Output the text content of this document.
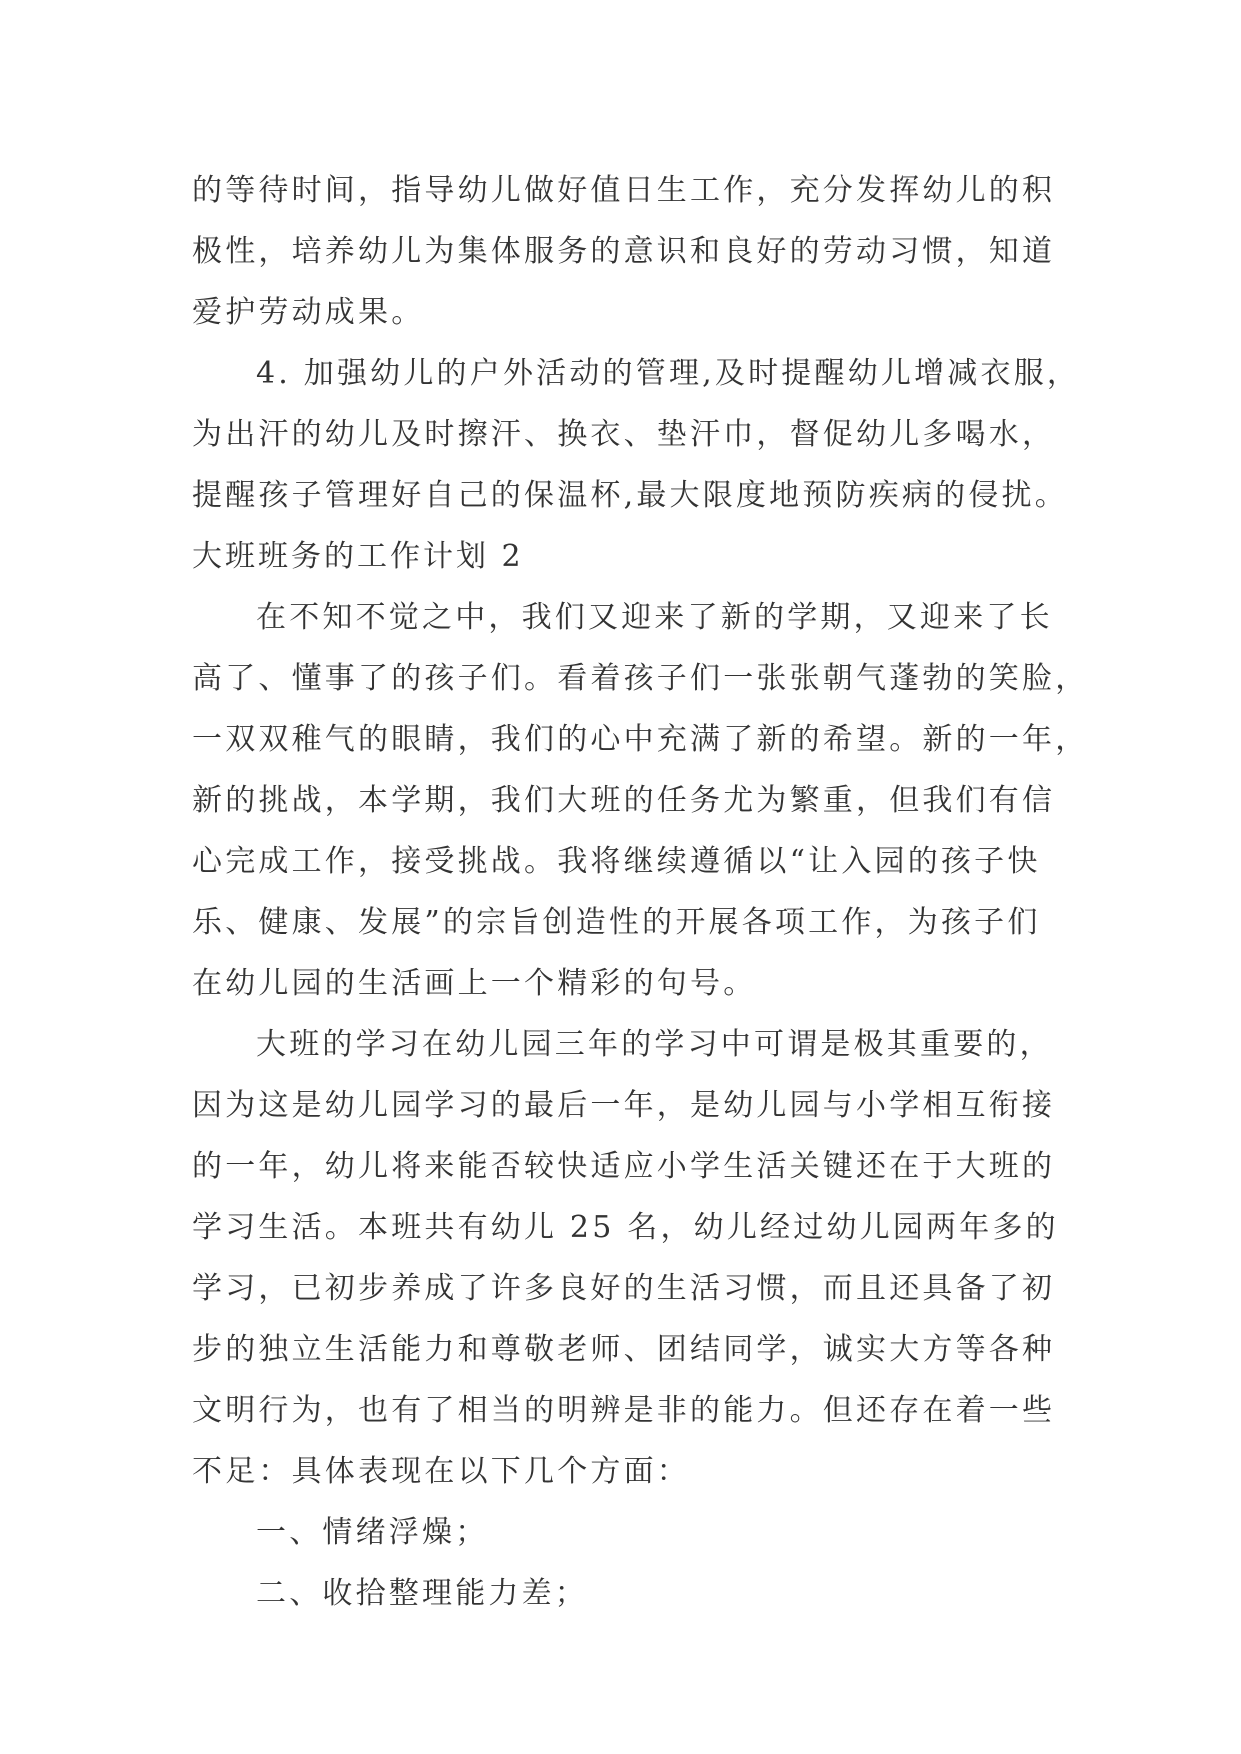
的等待时间，指导幼儿做好值日生工作，充分发挥幼儿的积
极性，培养幼儿为集体服务的意识和良好的劳动习惯，知道
爱护劳动成果。
4. 加强幼儿的户外活动的管理,及时提醒幼儿增减衣服，
为出汗的幼儿及时擦汗、换衣、垫汗巾，督促幼儿多喝水，
提醒孩子管理好自己的保温杯,最大限度地预防疾病的侵扰。
大班班务的工作计划 2
在不知不觉之中，我们又迎来了新的学期，又迎来了长
高了、懂事了的孩子们。看着孩子们一张张朝气蓬勃的笑脸，
一双双稚气的眼睛，我们的心中充满了新的希望。新的一年，
新的挑战，本学期，我们大班的任务尤为繁重，但我们有信
心完成工作，接受挑战。我将继续遵循以“让入园的孩子快
乐、健康、发展”的宗旨创造性的开展各项工作，为孩子们
在幼儿园的生活画上一个精彩的句号。
大班的学习在幼儿园三年的学习中可谓是极其重要的，
因为这是幼儿园学习的最后一年，是幼儿园与小学相互衔接
的一年，幼儿将来能否较快适应小学生活关键还在于大班的
学习生活。本班共有幼儿 25 名，幼儿经过幼儿园两年多的
学习，已初步养成了许多良好的生活习惯，而且还具备了初
步的独立生活能力和尊敬老师、团结同学，诚实大方等各种
文明行为，也有了相当的明辨是非的能力。但还存在着一些
不足：具体表现在以下几个方面：
一、情绪浮燥；
二、收拾整理能力差；
